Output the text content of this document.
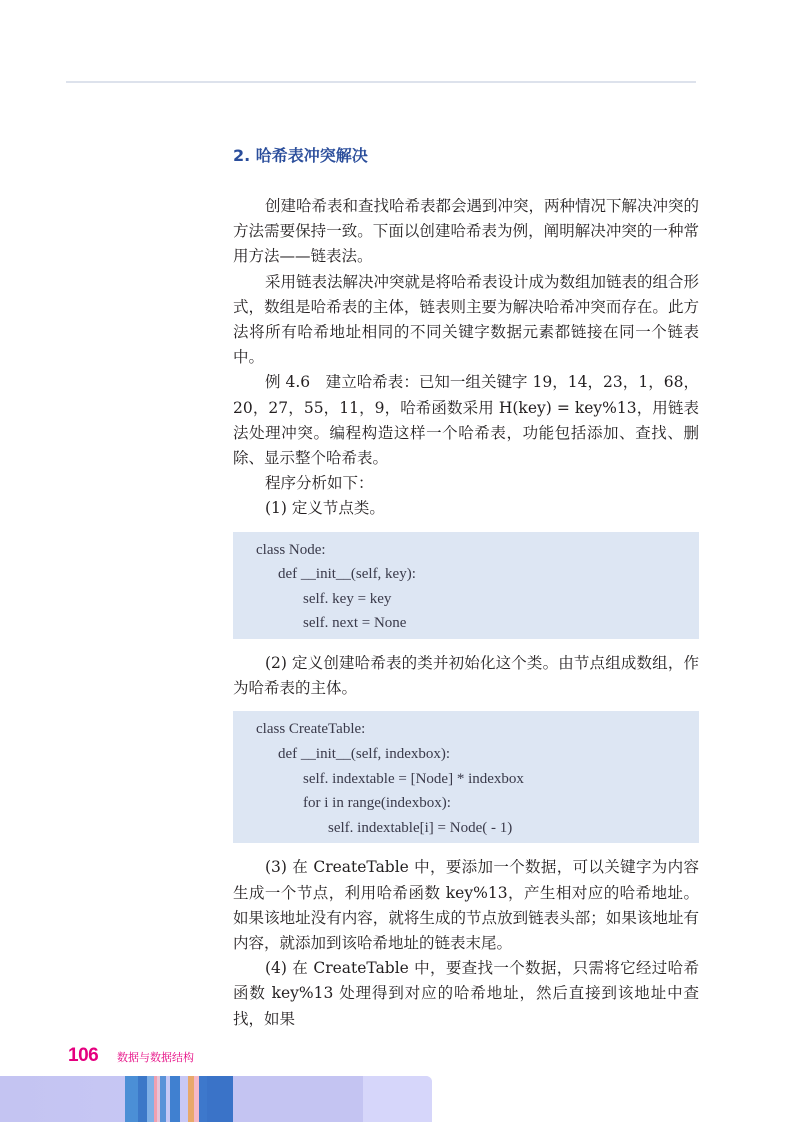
2. 哈希表冲突解决

创建哈希表和查找哈希表都会遇到冲突，两种情况下解决冲突的方法需要保持一致。下面以创建哈希表为例，阐明解决冲突的一种常用方法——链表法。

采用链表法解决冲突就是将哈希表设计成为数组加链表的组合形式，数组是哈希表的主体，链表则主要为解决哈希冲突而存在。此方法将所有哈希地址相同的不同关键字数据元素都链接在同一个链表中。

例 4.6　建立哈希表：已知一组关键字 19，14，23，1，68，20，27，55，11，9，哈希函数采用 H(key) = key%13，用链表法处理冲突。编程构造这样一个哈希表，功能包括添加、查找、删除、显示整个哈希表。

程序分析如下：

(1) 定义节点类。

class Node:
def __init__(self, key):
self. key = key
self. next = None

(2) 定义创建哈希表的类并初始化这个类。由节点组成数组，作为哈希表的主体。

class CreateTable:
def __init__(self, indexbox):
self. indextable = [Node] * indexbox
for i in range(indexbox):
self. indextable[i] = Node( - 1)

(3) 在 CreateTable 中，要添加一个数据，可以关键字为内容生成一个节点，利用哈希函数 key%13，产生相对应的哈希地址。如果该地址没有内容，就将生成的节点放到链表头部；如果该地址有内容，就添加到该哈希地址的链表末尾。

(4) 在 CreateTable 中，要查找一个数据，只需将它经过哈希函数 key%13 处理得到对应的哈希地址，然后直接到该地址中查找，如果

106 数据与数据结构
